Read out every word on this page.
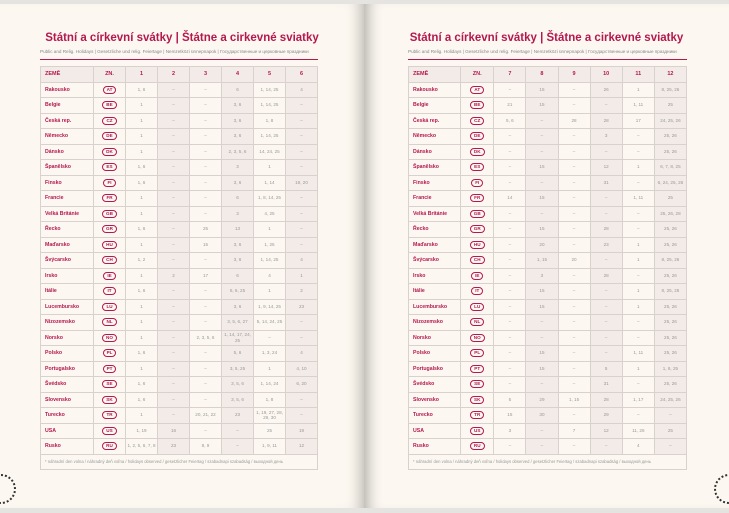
Státní a církevní svátky | Štátne a cirkevné sviatky
Public and Relig. Holidays | Gesetzliche und relig. Feiertage | Nemzetközi ünnepnapok | Государственные и церковные праздники
ZEMĚ	ZN.	1	2	3	4	5	6
Rakousko	AT	1, 6	–	–	6	1, 14, 25	4
Belgie	BE	1	–	–	3, 6	1, 14, 25	–
Česká rep.	CZ	1	–	–	3, 6	1, 8	–
Německo	DE	1	–	–	3, 6	1, 14, 25	–
Dánsko	DK	1	–	–	2, 3, 5, 6	14, 24, 25	–
Španělsko	ES	1, 6	–	–	3	1	–
Finsko	FI	1, 6	–	–	3, 6	1, 14	19, 20
Francie	FR	1	–	–	6	1, 8, 14, 25	–
Velká Británie	GB	1	–	–	3	4, 25	–
Řecko	GR	1, 6	–	25	13	1	–
Maďarsko	HU	1	–	15	3, 6	1, 25	–
Švýcarsko	CH	1, 2	–	–	3, 6	1, 14, 25	4
Irsko	IE	1	2	17	6	4	1
Itálie	IT	1, 6	–	–	5, 6, 25	1	2
Lucembursko	LU	1	–	–	3, 6	1, 9, 14, 25	23
Nizozemsko	NL	1	–	–	3, 5, 6, 27	5, 14, 24, 25	–
Norsko	NO	1	–	2, 3, 5, 6	1, 14, 17, 24, 25	–	–
Polsko	PL	1, 6	–	–	5, 6	1, 3, 24	4
Portugalsko	PT	1	–	–	3, 5, 25	1	4, 10
Švédsko	SE	1, 6	–	–	3, 5, 6	1, 14, 24	6, 20
Slovensko	SK	1, 6	–	–	3, 5, 6	1, 8	–
Turecko	TR	1	–	20, 21, 22	23	1, 19, 27, 28, 29, 30	–
USA	US	1, 19	16	–	–	25	19
Rusko	RU	1, 2, 5, 6, 7, 8	23	8, 9	–	1, 9, 11	12
* náhradní den volna / náhradný deň voľna / holidays observed / gesetzlicher Feiertag / szabadnapi szabadság / выходной день							
Státní a církevní svátky | Štátne a cirkevné sviatky
Public and Relig. Holidays | Gesetzliche und relig. Feiertage | Nemzetközi ünnepnapok | Государственные и церковные праздники
ZEMĚ	ZN.	7	8	9	10	11	12
Rakousko	AT	–	15	–	26	1	8, 25, 26
Belgie	BE	21	15	–	–	1, 11	25
Česká rep.	CZ	5, 6	–	28	28	17	24, 25, 26
Německo	DE	–	–	–	3	–	25, 26
Dánsko	DK	–	–	–	–	–	25, 26
Španělsko	ES	–	15	–	12	1	6, 7, 8, 25
Finsko	FI	–	–	–	31	–	6, 24, 25, 26
Francie	FR	14	15	–	–	1, 11	25
Velká Británie	GB	–	–	–	–	–	25, 26, 28
Řecko	GR	–	15	–	28	–	25, 26
Maďarsko	HU	–	20	–	23	1	25, 26
Švýcarsko	CH	–	1, 15	20	–	1	8, 25, 26
Irsko	IE	–	3	–	28	–	25, 26
Itálie	IT	–	15	–	–	1	8, 25, 26
Lucembursko	LU	–	15	–	–	1	25, 26
Nizozemsko	NL	–	–	–	–	–	25, 26
Norsko	NO	–	–	–	–	–	25, 26
Polsko	PL	–	15	–	–	1, 11	25, 26
Portugalsko	PT	–	15	–	5	1	1, 8, 25
Švédsko	SE	–	–	–	31	–	25, 26
Slovensko	SK	5	29	1, 15	28	1, 17	24, 25, 26
Turecko	TR	15	30	–	29	–	–
USA	US	3	–	7	12	11, 26	25
Rusko	RU	–	–	–	–	4	–
* náhradní den volna / náhradný deň voľna / holidays observed / gesetzlicher Feiertag / szabadnapi szabadság / выходной день							
